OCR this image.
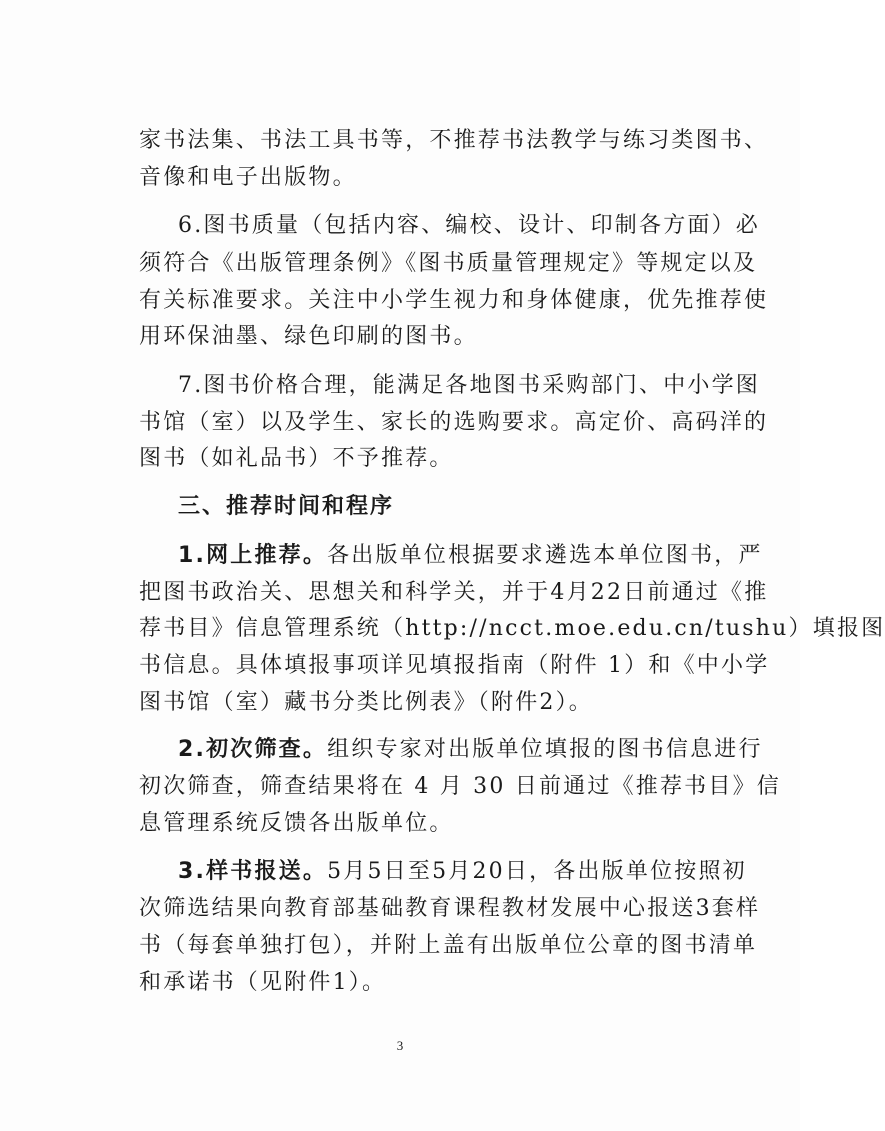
家书法集、书法工具书等，不推荐书法教学与练习类图书、
音像和电子出版物。
6.图书质量（包括内容、编校、设计、印制各方面）必
须符合《出版管理条例》《图书质量管理规定》等规定以及
有关标准要求。关注中小学生视力和身体健康，优先推荐使
用环保油墨、绿色印刷的图书。
7.图书价格合理，能满足各地图书采购部门、中小学图
书馆（室）以及学生、家长的选购要求。高定价、高码洋的
图书（如礼品书）不予推荐。
三、推荐时间和程序
1.网上推荐。各出版单位根据要求遴选本单位图书，严
把图书政治关、思想关和科学关，并于4月22日前通过《推
荐书目》信息管理系统（http://ncct.moe.edu.cn/tushu）填报图
书信息。具体填报事项详见填报指南（附件 1）和《中小学
图书馆（室）藏书分类比例表》（附件2）。
2.初次筛查。组织专家对出版单位填报的图书信息进行
初次筛查，筛查结果将在 4 月 30 日前通过《推荐书目》信
息管理系统反馈各出版单位。
3.样书报送。5月5日至5月20日，各出版单位按照初
次筛选结果向教育部基础教育课程教材发展中心报送3套样
书（每套单独打包），并附上盖有出版单位公章的图书清单
和承诺书（见附件1）。
3
